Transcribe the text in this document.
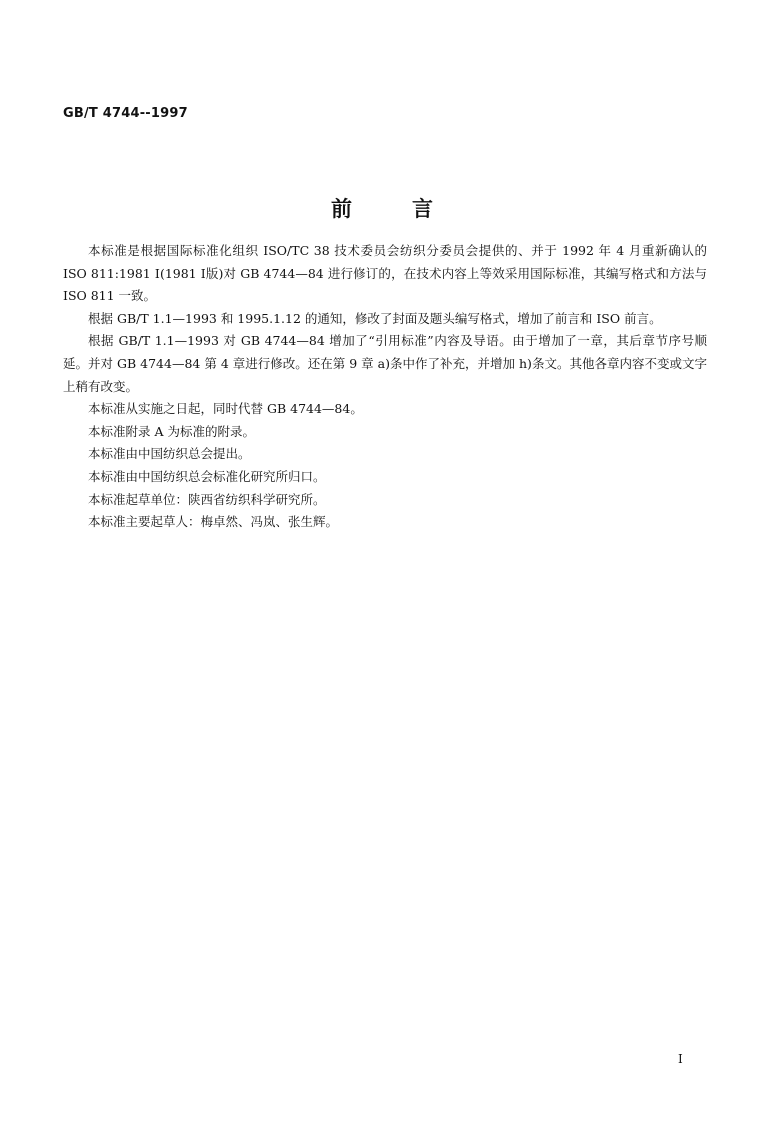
GB/T 4744--1997
前	言

本标准是根据国际标准化组织 ISO/TC 38 技术委员会纺织分委员会提供的、并于 1992 年 4 月重新确认的 ISO 811:1981 Ⅰ(1981 Ⅰ版)对 GB 4744—84 进行修订的，在技术内容上等效采用国际标准，其编写格式和方法与 ISO 811 一致。

根据 GB/T 1.1—1993 和 1995.1.12 的通知，修改了封面及题头编写格式，增加了前言和 ISO 前言。

根据 GB/T 1.1—1993 对 GB 4744—84 增加了“引用标准”内容及导语。由于增加了一章，其后章节序号顺延。并对 GB 4744—84 第 4 章进行修改。还在第 9 章 a)条中作了补充，并增加 h)条文。其他各章内容不变或文字上稍有改变。

本标准从实施之日起，同时代替 GB 4744—84。

本标准附录 A 为标准的附录。

本标准由中国纺织总会提出。

本标准由中国纺织总会标准化研究所归口。

本标准起草单位：陕西省纺织科学研究所。

本标准主要起草人：梅卓然、冯岚、张生辉。

I
